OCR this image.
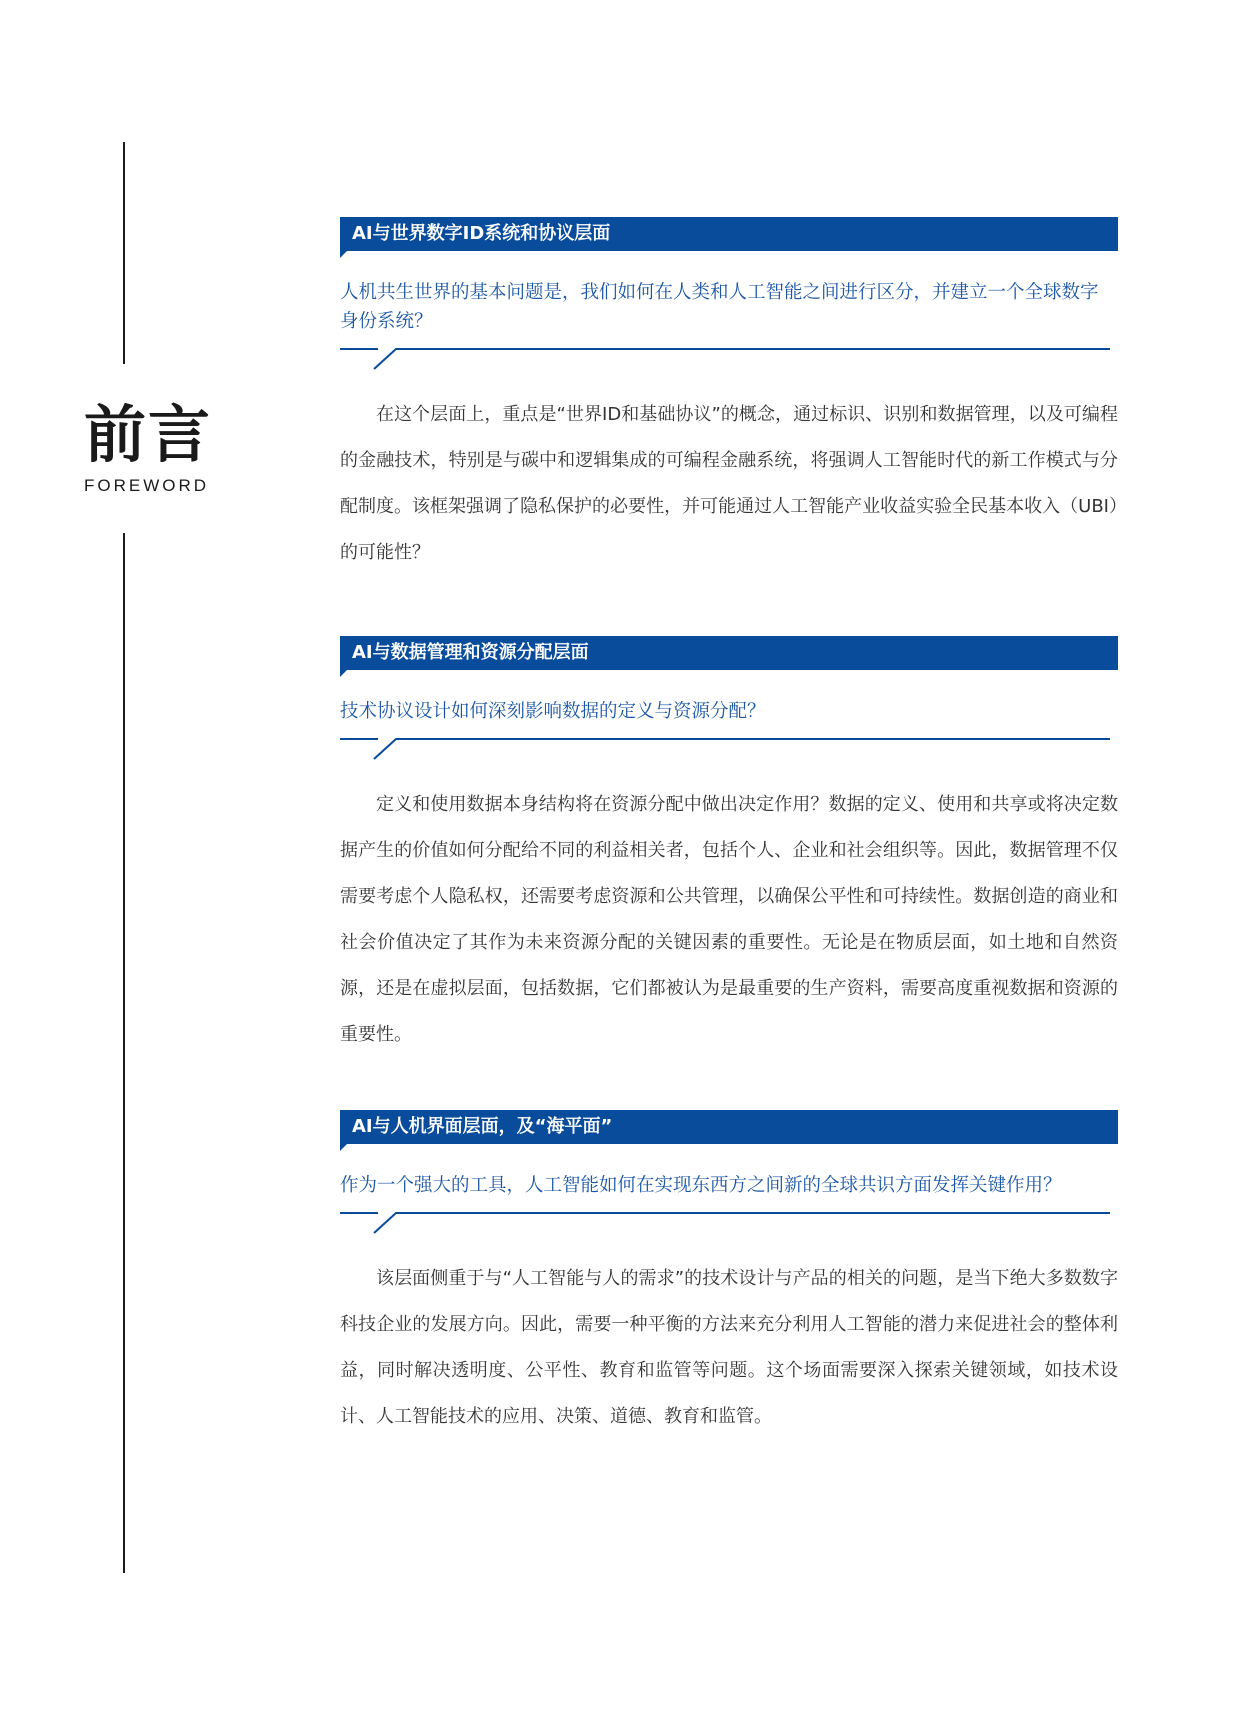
前言
FOREWORD
AI与世界数字ID系统和协议层面
人机共生世界的基本问题是，我们如何在人类和人工智能之间进行区分，并建立一个全球数字身份系统？
在这个层面上，重点是“世界ID和基础协议”的概念，通过标识、识别和数据管理，以及可编程的金融技术，特别是与碳中和逻辑集成的可编程金融系统，将强调人工智能时代的新工作模式与分配制度。该框架强调了隐私保护的必要性，并可能通过人工智能产业收益实验全民基本收入（UBI）的可能性？
AI与数据管理和资源分配层面
技术协议设计如何深刻影响数据的定义与资源分配？
定义和使用数据本身结构将在资源分配中做出决定作用？数据的定义、使用和共享或将决定数据产生的价值如何分配给不同的利益相关者，包括个人、企业和社会组织等。因此，数据管理不仅需要考虑个人隐私权，还需要考虑资源和公共管理，以确保公平性和可持续性。数据创造的商业和社会价值决定了其作为未来资源分配的关键因素的重要性。无论是在物质层面，如土地和自然资源，还是在虚拟层面，包括数据，它们都被认为是最重要的生产资料，需要高度重视数据和资源的重要性。
AI与人机界面层面，及“海平面”
作为一个强大的工具，人工智能如何在实现东西方之间新的全球共识方面发挥关键作用？
该层面侧重于与“人工智能与人的需求”的技术设计与产品的相关的问题，是当下绝大多数数字科技企业的发展方向。因此，需要一种平衡的方法来充分利用人工智能的潜力来促进社会的整体利益，同时解决透明度、公平性、教育和监管等问题。这个场面需要深入探索关键领域，如技术设计、人工智能技术的应用、决策、道德、教育和监管。
